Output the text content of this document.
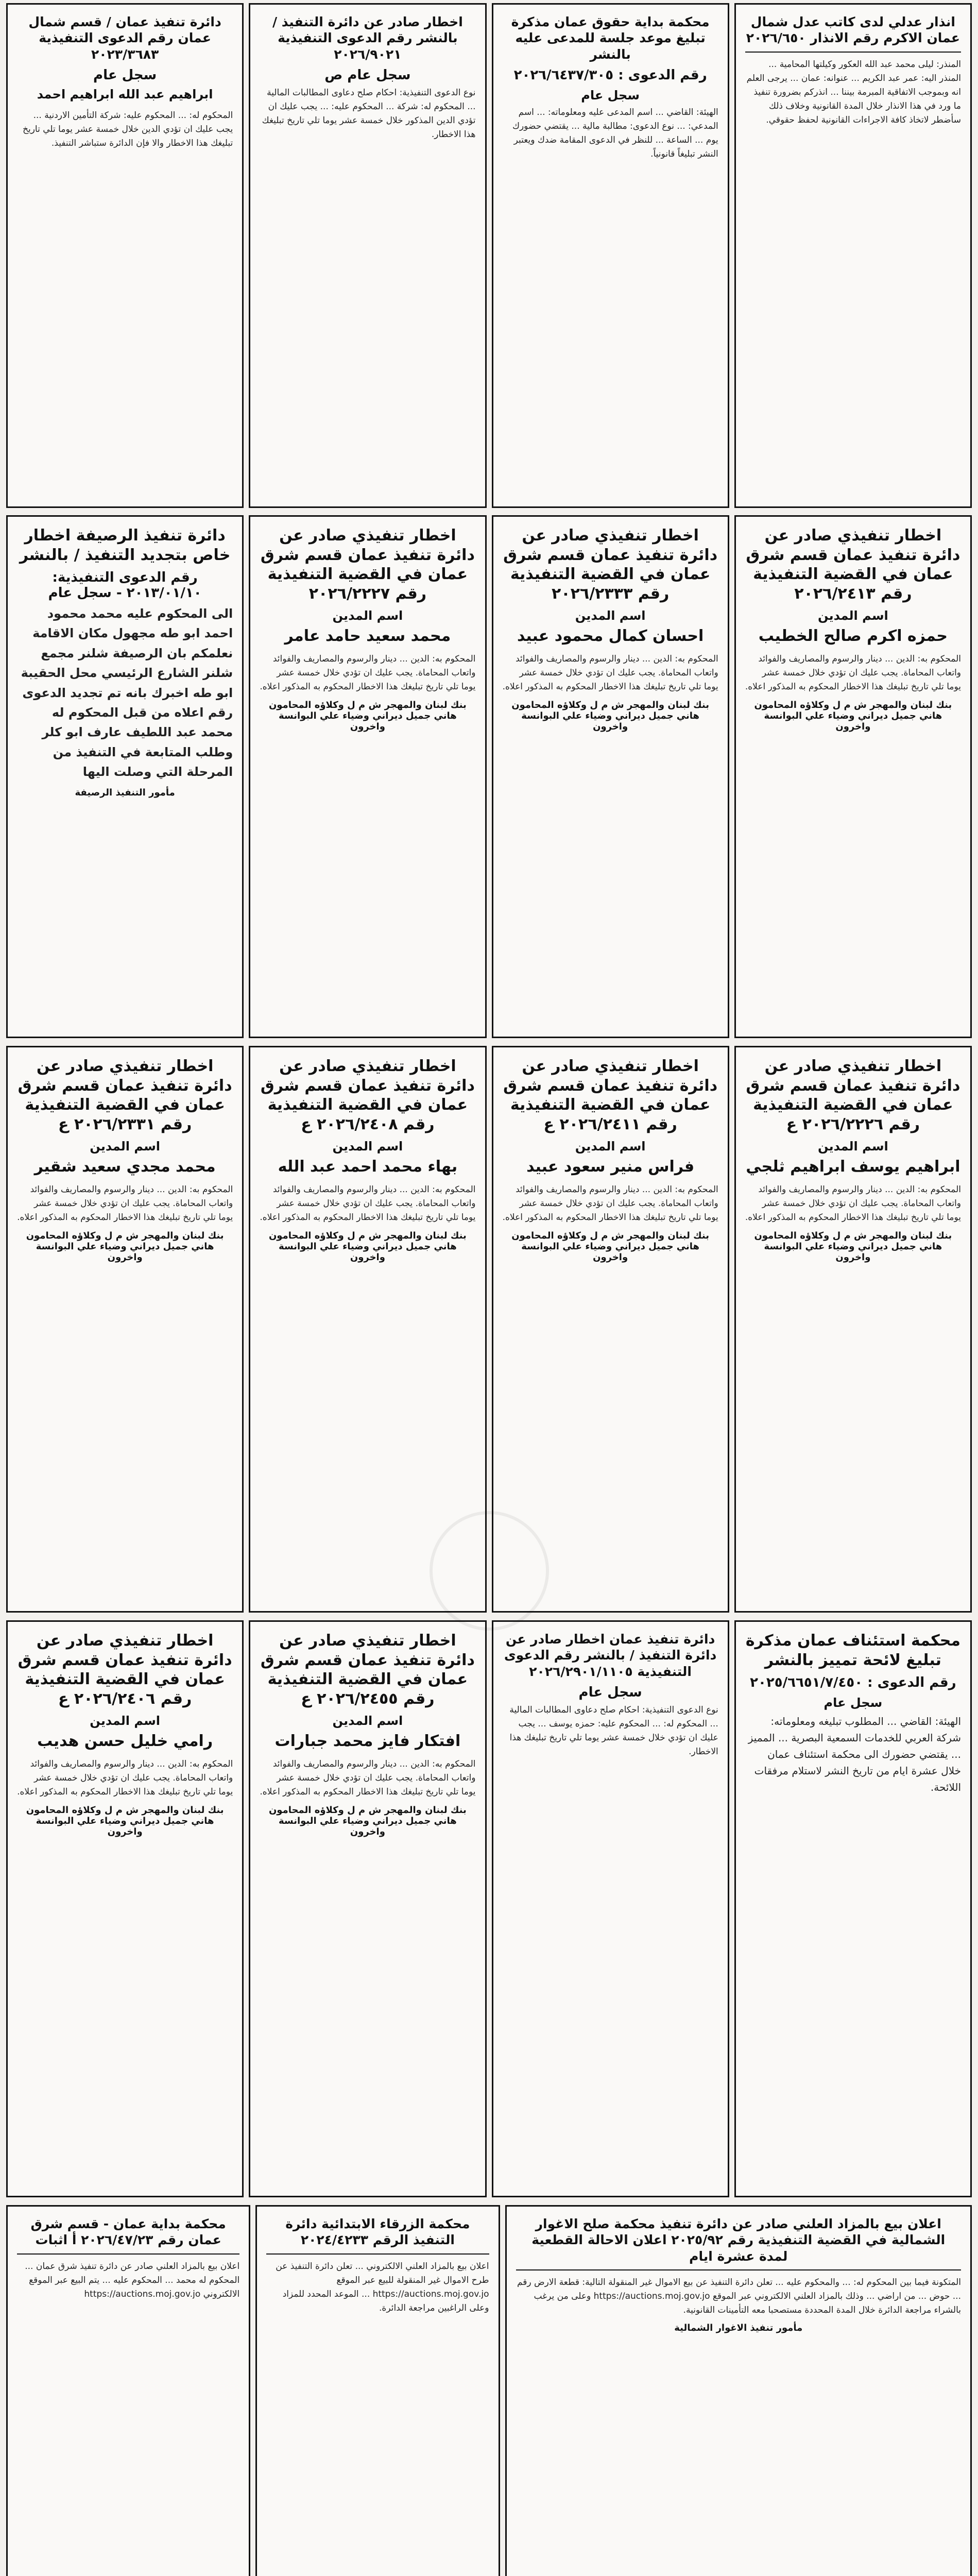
انذار عدلي لدى كاتب عدل شمال عمان الاكرم رقم الانذار ٢٠٢٦/٦٥٠
المنذر: ليلى محمد عبد الله العكور وكيلتها المحامية ... المنذر اليه: عمر عبد الكريم ... عنوانه: عمان ... يرجى العلم انه وبموجب الاتفاقية المبرمة بيننا ... انذركم بضرورة تنفيذ ما ورد في هذا الانذار خلال المدة القانونية وخلاف ذلك سأضطر لاتخاذ كافة الاجراءات القانونية لحفظ حقوقي.
محكمة بداية حقوق عمان مذكرة تبليغ موعد جلسة للمدعى عليه بالنشر
رقم الدعوى : ٢٠٢٦/٦٤٣٧/٣٠٥
سجل عام
الهيئة: القاضي ... اسم المدعى عليه ومعلوماته: ... اسم المدعي: ... نوع الدعوى: مطالبة مالية ... يقتضي حضورك يوم ... الساعة ... للنظر في الدعوى المقامة ضدك ويعتبر النشر تبليغاً قانونياً.
اخطار صادر عن دائرة التنفيذ / بالنشر رقم الدعوى التنفيذية ٢٠٢٦/٩٠٢١
سجل عام ص
نوع الدعوى التنفيذية: احكام صلح دعاوى المطالبات المالية ... المحكوم له: شركة ... المحكوم عليه: ... يجب عليك ان تؤدي الدين المذكور خلال خمسة عشر يوما تلي تاريخ تبليغك هذا الاخطار.
دائرة تنفيذ عمان / قسم شمال عمان رقم الدعوى التنفيذية ٢٠٢٣/٣٦٨٣
سجل عام
ابراهيم عبد الله ابراهيم احمد
المحكوم له: ... المحكوم عليه: شركة التأمين الاردنية ... يجب عليك ان تؤدي الدين خلال خمسة عشر يوما تلي تاريخ تبليغك هذا الاخطار والا فإن الدائرة ستباشر التنفيذ.
اخطار تنفيذي صادر عن دائرة تنفيذ عمان قسم شرق عمان في القضية التنفيذية رقم ٢٠٢٦/٢٤١٣
اسم المدين
حمزه اكرم صالح الخطيب
المحكوم به: الدين ... دينار والرسوم والمصاريف والفوائد واتعاب المحاماة. يجب عليك ان تؤدي خلال خمسة عشر يوما تلي تاريخ تبليغك هذا الاخطار المحكوم به المذكور اعلاه.
بنك لبنان والمهجر ش م ل وكلاؤه المحامون هاني جميل ديراني وضياء علي البوانسة واخرون
اخطار تنفيذي صادر عن دائرة تنفيذ عمان قسم شرق عمان في القضية التنفيذية رقم ٢٠٢٦/٢٣٣٣
اسم المدين
احسان كمال محمود عبيد
المحكوم به: الدين ... دينار والرسوم والمصاريف والفوائد واتعاب المحاماة. يجب عليك ان تؤدي خلال خمسة عشر يوما تلي تاريخ تبليغك هذا الاخطار المحكوم به المذكور اعلاه.
بنك لبنان والمهجر ش م ل وكلاؤه المحامون هاني جميل ديراني وضياء علي البوانسة واخرون
اخطار تنفيذي صادر عن دائرة تنفيذ عمان قسم شرق عمان في القضية التنفيذية رقم ٢٠٢٦/٢٢٢٧
اسم المدين
محمد سعيد حامد عامر
المحكوم به: الدين ... دينار والرسوم والمصاريف والفوائد واتعاب المحاماة. يجب عليك ان تؤدي خلال خمسة عشر يوما تلي تاريخ تبليغك هذا الاخطار المحكوم به المذكور اعلاه.
بنك لبنان والمهجر ش م ل وكلاؤه المحامون هاني جميل ديراني وضياء علي البوانسة واخرون
دائرة تنفيذ الرصيفة اخطار خاص بتجديد التنفيذ / بالنشر
رقم الدعوى التنفيذية: ٢٠١٣/٠١/١٠ - سجل عام
الى المحكوم عليه محمد محمود احمد ابو طه مجهول مكان الاقامة نعلمكم بان الرصيفة شلنر مجمع شلنر الشارع الرئيسي محل الحقيبة ابو طه اخبرك بانه تم تجديد الدعوى رقم اعلاه من قبل المحكوم له محمد عبد اللطيف عارف ابو كلر وطلب المتابعة في التنفيذ من المرحلة التي وصلت اليها
مأمور التنفيذ الرصيفة
اخطار تنفيذي صادر عن دائرة تنفيذ عمان قسم شرق عمان في القضية التنفيذية رقم ٢٠٢٦/٢٢٢٦ ع
اسم المدين
ابراهيم يوسف ابراهيم ثلجي
المحكوم به: الدين ... دينار والرسوم والمصاريف والفوائد واتعاب المحاماة. يجب عليك ان تؤدي خلال خمسة عشر يوما تلي تاريخ تبليغك هذا الاخطار المحكوم به المذكور اعلاه.
بنك لبنان والمهجر ش م ل وكلاؤه المحامون هاني جميل ديراني وضياء علي البوانسة واخرون
اخطار تنفيذي صادر عن دائرة تنفيذ عمان قسم شرق عمان في القضية التنفيذية رقم ٢٠٢٦/٢٤١١ ع
اسم المدين
فراس منير سعود عبيد
المحكوم به: الدين ... دينار والرسوم والمصاريف والفوائد واتعاب المحاماة. يجب عليك ان تؤدي خلال خمسة عشر يوما تلي تاريخ تبليغك هذا الاخطار المحكوم به المذكور اعلاه.
بنك لبنان والمهجر ش م ل وكلاؤه المحامون هاني جميل ديراني وضياء علي البوانسة واخرون
اخطار تنفيذي صادر عن دائرة تنفيذ عمان قسم شرق عمان في القضية التنفيذية رقم ٢٠٢٦/٢٤٠٨ ع
اسم المدين
بهاء محمد احمد عبد الله
المحكوم به: الدين ... دينار والرسوم والمصاريف والفوائد واتعاب المحاماة. يجب عليك ان تؤدي خلال خمسة عشر يوما تلي تاريخ تبليغك هذا الاخطار المحكوم به المذكور اعلاه.
بنك لبنان والمهجر ش م ل وكلاؤه المحامون هاني جميل ديراني وضياء علي البوانسة واخرون
اخطار تنفيذي صادر عن دائرة تنفيذ عمان قسم شرق عمان في القضية التنفيذية رقم ٢٠٢٦/٢٣٣١ ع
اسم المدين
محمد مجدي سعيد شقير
المحكوم به: الدين ... دينار والرسوم والمصاريف والفوائد واتعاب المحاماة. يجب عليك ان تؤدي خلال خمسة عشر يوما تلي تاريخ تبليغك هذا الاخطار المحكوم به المذكور اعلاه.
بنك لبنان والمهجر ش م ل وكلاؤه المحامون هاني جميل ديراني وضياء علي البوانسة واخرون
محكمة استئناف عمان مذكرة تبليغ لائحة تمييز بالنشر
رقم الدعوى : ٢٠٢٥/٦٦٥١/٧/٤٥٠
سجل عام
الهيئة: القاضي ... المطلوب تبليغه ومعلوماته: شركة العربي للخدمات السمعية البصرية ... المميز ... يقتضي حضورك الى محكمة استئناف عمان خلال عشرة ايام من تاريخ النشر لاستلام مرفقات اللائحة.
دائرة تنفيذ عمان اخطار صادر عن دائرة التنفيذ / بالنشر رقم الدعوى التنفيذية ٢٠٢٦/٢٩٠١/١١٠٥
سجل عام
نوع الدعوى التنفيذية: احكام صلح دعاوى المطالبات المالية ... المحكوم له: ... المحكوم عليه: حمزه يوسف ... يجب عليك ان تؤدي خلال خمسة عشر يوما تلي تاريخ تبليغك هذا الاخطار.
اخطار تنفيذي صادر عن دائرة تنفيذ عمان قسم شرق عمان في القضية التنفيذية رقم ٢٠٢٦/٢٤٥٥ ع
اسم المدين
افتكار فايز محمد جبارات
المحكوم به: الدين ... دينار والرسوم والمصاريف والفوائد واتعاب المحاماة. يجب عليك ان تؤدي خلال خمسة عشر يوما تلي تاريخ تبليغك هذا الاخطار المحكوم به المذكور اعلاه.
بنك لبنان والمهجر ش م ل وكلاؤه المحامون هاني جميل ديراني وضياء علي البوانسة واخرون
اخطار تنفيذي صادر عن دائرة تنفيذ عمان قسم شرق عمان في القضية التنفيذية رقم ٢٠٢٦/٢٤٠٦ ع
اسم المدين
رامي خليل حسن هديب
المحكوم به: الدين ... دينار والرسوم والمصاريف والفوائد واتعاب المحاماة. يجب عليك ان تؤدي خلال خمسة عشر يوما تلي تاريخ تبليغك هذا الاخطار المحكوم به المذكور اعلاه.
بنك لبنان والمهجر ش م ل وكلاؤه المحامون هاني جميل ديراني وضياء علي البوانسة واخرون
اعلان بيع بالمزاد العلني صادر عن دائرة تنفيذ محكمة صلح الاغوار الشمالية في القضية التنفيذية رقم ٢٠٢٥/٩٢ اعلان الاحالة القطعية لمدة عشرة ايام
المتكونة فيما بين المحكوم له: ... والمحكوم عليه ... تعلن دائرة التنفيذ عن بيع الاموال غير المنقولة التالية: قطعة الارض رقم ... حوض ... من اراضي ... وذلك بالمزاد العلني الالكتروني عبر الموقع https://auctions.moj.gov.jo وعلى من يرغب بالشراء مراجعة الدائرة خلال المدة المحددة مستصحبا معه التأمينات القانونية.
مأمور تنفيذ الاغوار الشمالية
محكمة الزرقاء الابتدائية دائرة التنفيذ الرقم ٢٠٢٤/٤٢٣٣
اعلان بيع بالمزاد العلني الالكتروني ... تعلن دائرة التنفيذ عن طرح الاموال غير المنقولة للبيع عبر الموقع https://auctions.moj.gov.jo ... الموعد المحدد للمزاد وعلى الراغبين مراجعة الدائرة.
محكمة بداية عمان - قسم شرق عمان رقم ٢٠٢٦/٤٧/٢٣ أ اثبات
اعلان بيع بالمزاد العلني صادر عن دائرة تنفيذ شرق عمان ... المحكوم له محمد ... المحكوم عليه ... يتم البيع عبر الموقع الالكتروني https://auctions.moj.gov.jo
